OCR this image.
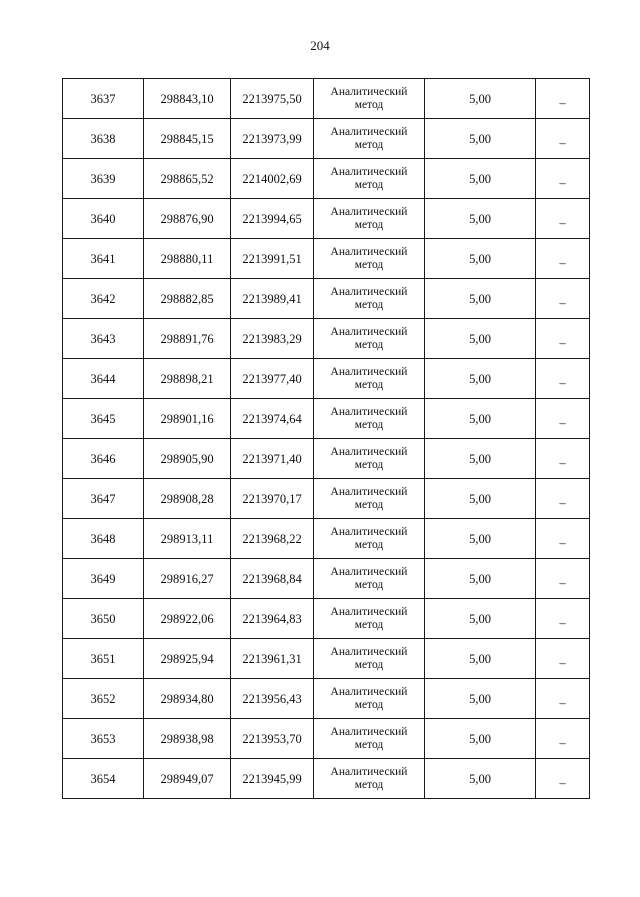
204
3637	298843,10	2213975,50	Аналитический
метод	5,00	–
3638	298845,15	2213973,99	Аналитический
метод	5,00	–
3639	298865,52	2214002,69	Аналитический
метод	5,00	–
3640	298876,90	2213994,65	Аналитический
метод	5,00	–
3641	298880,11	2213991,51	Аналитический
метод	5,00	–
3642	298882,85	2213989,41	Аналитический
метод	5,00	–
3643	298891,76	2213983,29	Аналитический
метод	5,00	–
3644	298898,21	2213977,40	Аналитический
метод	5,00	–
3645	298901,16	2213974,64	Аналитический
метод	5,00	–
3646	298905,90	2213971,40	Аналитический
метод	5,00	–
3647	298908,28	2213970,17	Аналитический
метод	5,00	–
3648	298913,11	2213968,22	Аналитический
метод	5,00	–
3649	298916,27	2213968,84	Аналитический
метод	5,00	–
3650	298922,06	2213964,83	Аналитический
метод	5,00	–
3651	298925,94	2213961,31	Аналитический
метод	5,00	–
3652	298934,80	2213956,43	Аналитический
метод	5,00	–
3653	298938,98	2213953,70	Аналитический
метод	5,00	–
3654	298949,07	2213945,99	Аналитический
метод	5,00	–
